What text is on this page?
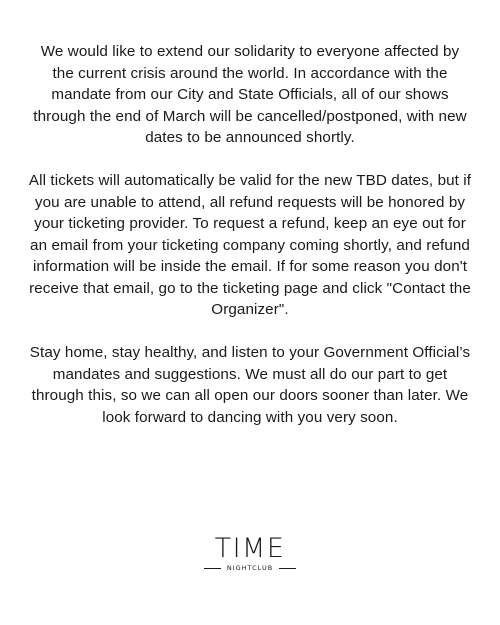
We would like to extend our solidarity to everyone affected by the current crisis around the world. In accordance with the mandate from our City and State Officials, all of our shows through the end of March will be cancelled/postponed, with new dates to be announced shortly.

All tickets will automatically be valid for the new TBD dates, but if you are unable to attend, all refund requests will be honored by your ticketing provider. To request a refund, keep an eye out for an email from your ticketing company coming shortly, and refund information will be inside the email. If for some reason you don't receive that email, go to the ticketing page and click "Contact the Organizer".

Stay home, stay healthy, and listen to your Government Official’s mandates and suggestions. We must all do our part to get through this, so we can all open our doors sooner than later. We look forward to dancing with you very soon.

TIME
NIGHTCLUB
